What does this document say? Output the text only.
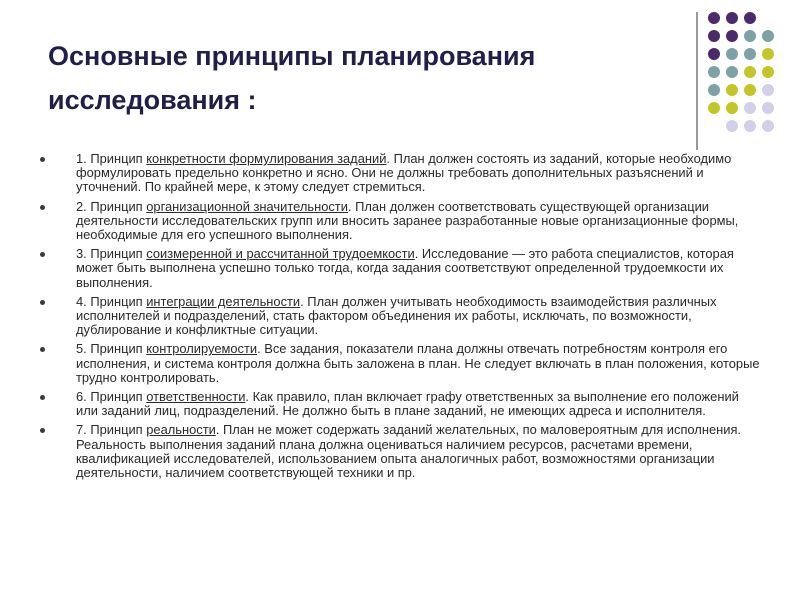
Основные принципы планирования исследования :
1. Принцип конкретности формулирования заданий. План должен состоять из заданий, которые необходимо формулировать предельно конкретно и ясно. Они не должны требовать дополнительных разъяснений и уточнений. По крайней мере, к этому следует стремиться.
2. Принцип организационной значительности. План должен соответствовать существующей организации деятельности исследовательских групп или вносить заранее разработанные новые организационные формы, необходимые для его успешного выполнения.
3. Принцип соизмеренной и рассчитанной трудоемкости. Исследование — это работа специалистов, которая может быть выполнена успешно только тогда, когда задания соответствуют определенной трудоемкости их выполнения.
4. Принцип интеграции деятельности. План должен учитывать необходимость взаимодействия различных исполнителей и подразделений, стать фактором объединения их работы, исключать, по возможности, дублирование и конфликтные ситуации.
5. Принцип контролируемости. Все задания, показатели плана должны отвечать потребностям контроля его исполнения, и система контроля должна быть заложена в план. Не следует включать в план положения, которые трудно контролировать.
6. Принцип ответственности. Как правило, план включает графу ответственных за выполнение его положений или заданий лиц, подразделений. Не должно быть в плане заданий, не имеющих адреса и исполнителя.
7. Принцип реальности. План не может содержать заданий желательных, по маловероятным для исполнения. Реальность выполнения заданий плана должна оцениваться наличием ресурсов, расчетами времени, квалификацией исследователей, использованием опыта аналогичных работ, возможностями организации деятельности, наличием соответствующей техники и пр.
